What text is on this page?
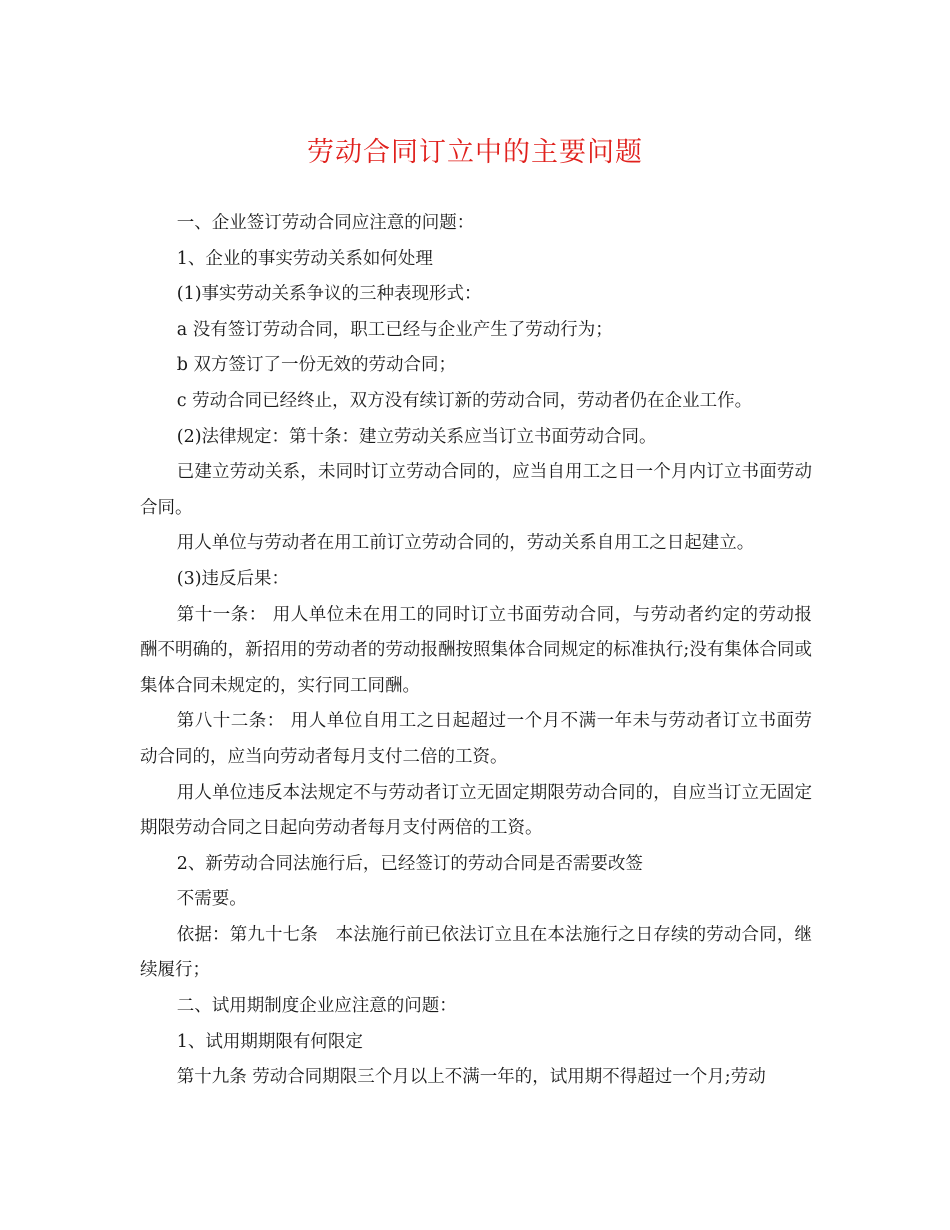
劳动合同订立中的主要问题

一、企业签订劳动合同应注意的问题：

1、企业的事实劳动关系如何处理

(1)事实劳动关系争议的三种表现形式：

a 没有签订劳动合同，职工已经与企业产生了劳动行为；

b 双方签订了一份无效的劳动合同；

c 劳动合同已经终止，双方没有续订新的劳动合同，劳动者仍在企业工作。

(2)法律规定：第十条：建立劳动关系应当订立书面劳动合同。

已建立劳动关系，未同时订立劳动合同的，应当自用工之日一个月内订立书面劳动合同。

用人单位与劳动者在用工前订立劳动合同的，劳动关系自用工之日起建立。

(3)违反后果：

第十一条： 用人单位未在用工的同时订立书面劳动合同，与劳动者约定的劳动报酬不明确的，新招用的劳动者的劳动报酬按照集体合同规定的标准执行;没有集体合同或集体合同未规定的，实行同工同酬。

第八十二条： 用人单位自用工之日起超过一个月不满一年未与劳动者订立书面劳动合同的，应当向劳动者每月支付二倍的工资。

用人单位违反本法规定不与劳动者订立无固定期限劳动合同的，自应当订立无固定期限劳动合同之日起向劳动者每月支付两倍的工资。

2、新劳动合同法施行后，已经签订的劳动合同是否需要改签

不需要。

依据：第九十七条　本法施行前已依法订立且在本法施行之日存续的劳动合同，继续履行；

二、试用期制度企业应注意的问题：

1、试用期期限有何限定

第十九条 劳动合同期限三个月以上不满一年的，试用期不得超过一个月;劳动
